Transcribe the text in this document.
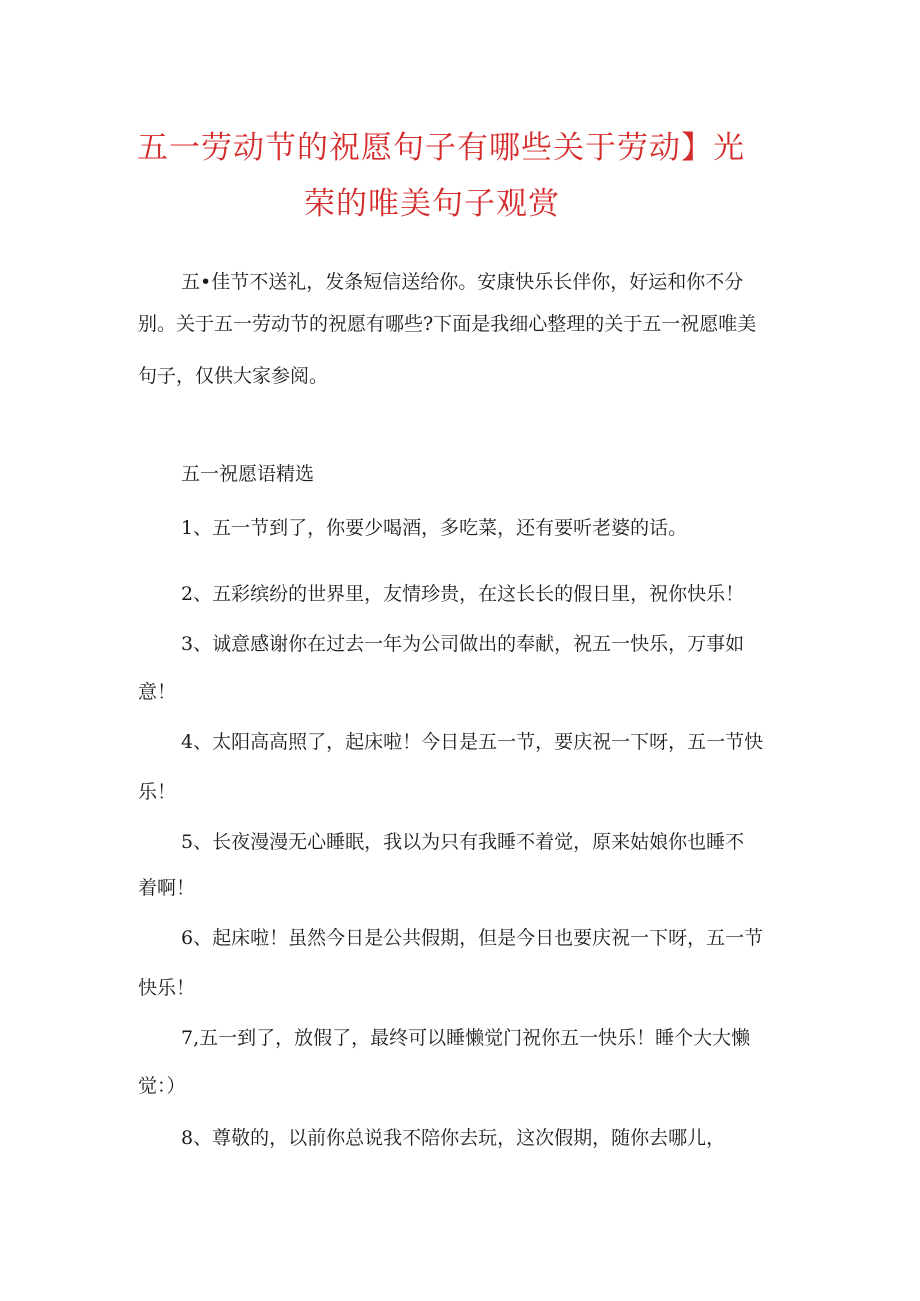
五一劳动节的祝愿句子有哪些关于劳动】光
荣的唯美句子观赏

五•佳节不送礼，发条短信送给你。安康快乐长伴你，好运和你不分

别。关于五一劳动节的祝愿有哪些?下面是我细心整理的关于五一祝愿唯美

句子，仅供大家参阅。

五一祝愿语精选

1、五一节到了，你要少喝酒，多吃菜，还有要听老婆的话。

2、五彩缤纷的世界里，友情珍贵，在这长长的假日里，祝你快乐！

3、诚意感谢你在过去一年为公司做出的奉献，祝五一快乐，万事如

意！

4、太阳高高照了，起床啦！今日是五一节，要庆祝一下呀，五一节快

乐！

5、长夜漫漫无心睡眠，我以为只有我睡不着觉，原来姑娘你也睡不

着啊！

6、起床啦！虽然今日是公共假期，但是今日也要庆祝一下呀，五一节

快乐！

7,五一到了，放假了，最终可以睡懒觉门祝你五一快乐！睡个大大懒

觉：）

8、尊敬的，以前你总说我不陪你去玩，这次假期，随你去哪儿，
